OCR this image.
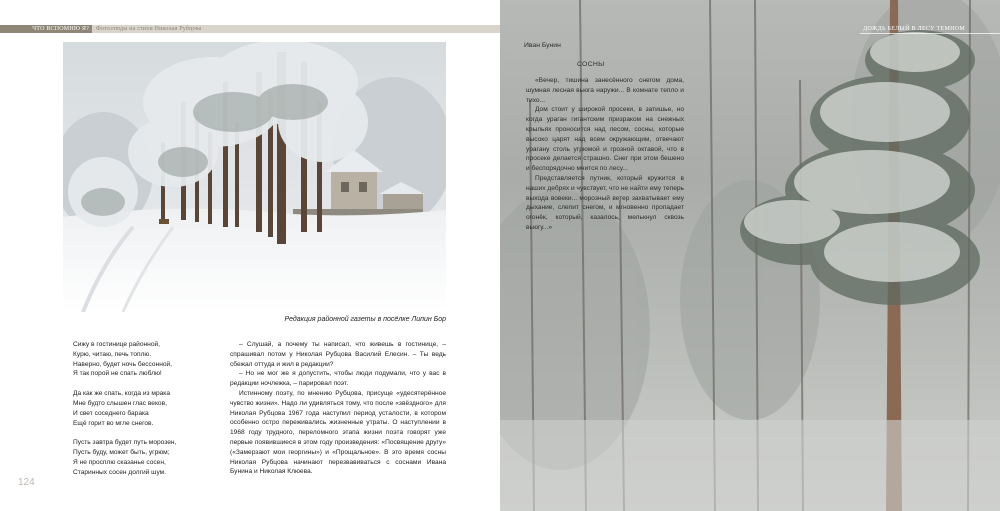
ЧТО ВСПОМНЮ Я?	Фотоэтюды на стихи Николая Рубцова
Редакция районной газеты в посёлке Липин Бор
Сижу в гостинице районной,
Курю, читаю, печь топлю.
Наверно, будет ночь бессонной,
Я так порой не спать люблю!
Да как же спать, когда из мрака
Мне будто слышен глас веков,
И свет соседнего барака
Ещё горит во мгле снегов.
Пусть завтра будет путь морозен,
Пусть буду, может быть, угрюм;
Я не просплю сказанье сосен,
Старинных сосен долгий шум.

– Слушай, а почему ты написал, что живешь в гостинице, – спрашивал потом у Николая Рубцова Василий Елесин. – Ты ведь сбежал оттуда и жил в редакции?

– Но не мог же я допустить, чтобы люди подумали, что у вас в редакции ночлежка, – парировал поэт.

Истинному поэту, по мнению Рубцова, присуще «удесятерённое чувство жизни». Надо ли удивляться тому, что после «звёздного» для Николая Рубцова 1967 года наступил период усталости, в котором особенно остро переживались жизненные утраты. О наступлении в 1968 году трудного, переломного этапа жизни поэта говорят уже первые появившиеся в этом году произведения: «Посвящение другу» («Замерзают мои георгины») и «Прощальное». В это время сосны Николая Рубцова начинают перезвавиваться с соснами Ивана Бунина и Николая Клюева.

124
ДОЖДЬ БЕЛЫЙ В ЛЕСУ ТЕМНОМ
Иван Бунин
СОСНЫ

«Вечер, тишина занесённого снегом дома, шумная лесная вьюга наружи... В комнате тепло и тихо...

Дом стоит у широкой просеки, в затишье, но когда ураган гигантским призраком на снежных крыльях проносится над лесом, сосны, которые высоко царят над всем окружающим, отвечают урагану столь угрюмой и грозной октавой, что в просеке делается страшно. Снег при этом бешено и беспорядочно мчится по лесу...

Представляется путник, который кружится в наших дебрях и чувствует, что не найти ему теперь выхода вовеки... морозный ветер захватывает ему дыхание, слепит снегом, и мгновенно пропадает огонёк, который, казалось, мелькнул сквозь вьюгу...»
